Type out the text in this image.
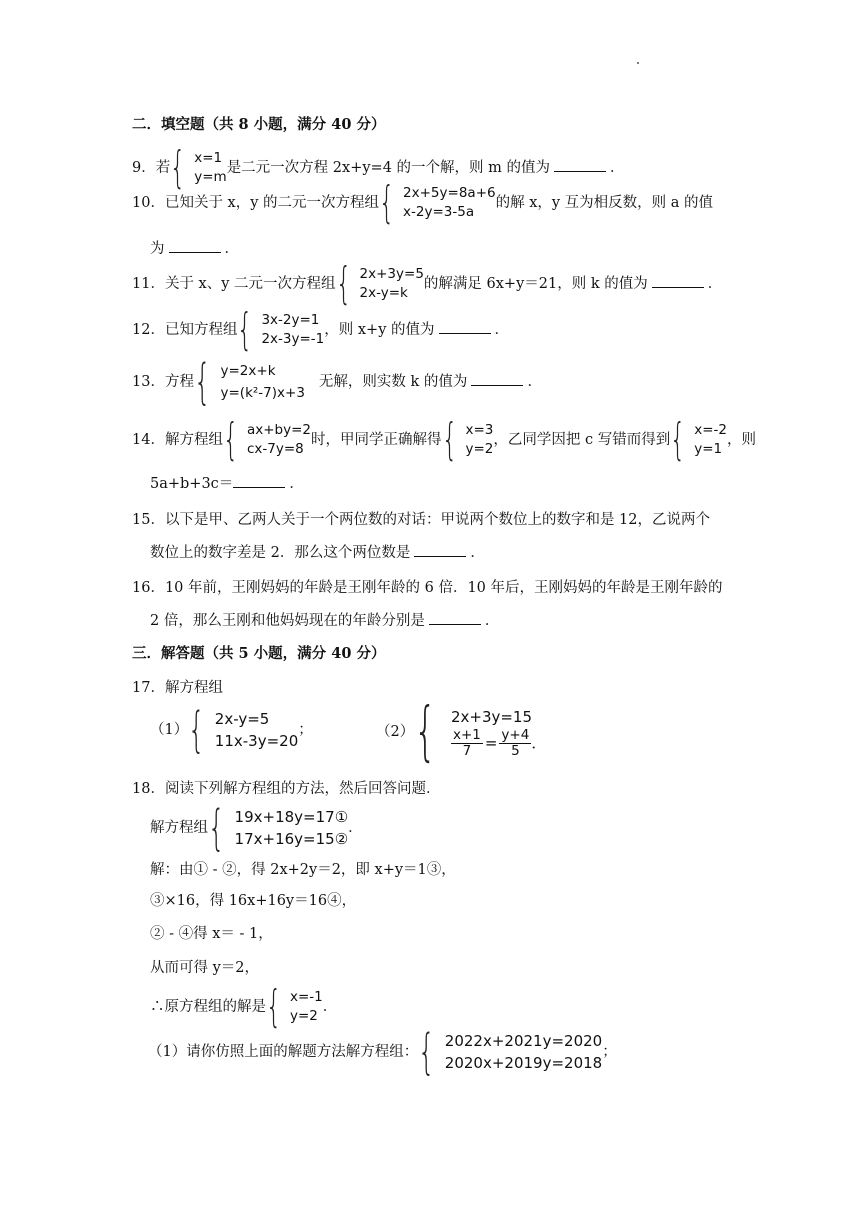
二．填空题（共 8 小题，满分 40 分）
9．若 { x=1
y=m
是二元一次方程 2x+y=4 的一个解，则 m 的值为	．
10．已知关于 x，y 的二元一次方程组 { 2x+5y=8a+6
x-2y=3-5a
的解 x，y 互为相反数，则 a 的值
为	．
11．关于 x、y 二元一次方程组 { 2x+3y=5
2x-y=k
的解满足 6x+y＝21，则 k 的值为	．
12．已知方程组 { 3x-2y=1
2x-3y=-1
，则 x+y 的值为	．
13．方程 { y=2x+k
y=(k²-7)x+3
无解，则实数 k 的值为	．
14．解方程组 { ax+by=2
cx-7y=8
时，甲同学正确解得 { x=3
y=2
，乙同学因把 c 写错而得到 { x=-2
y=1
，则
5a+b+3c＝	．
15．以下是甲、乙两人关于一个两位数的对话：甲说两个数位上的数字和是 12，乙说两个
数位上的数字差是 2．那么这个两位数是	．
16．10 年前，王刚妈妈的年龄是王刚年龄的 6 倍．10 年后，王刚妈妈的年龄是王刚年龄的
2 倍，那么王刚和他妈妈现在的年龄分别是	．
三．解答题（共 5 小题，满分 40 分）
17．解方程组
（1） { 2x-y=5
11x-3y=20
；	（2） { 2x+3y=15
$\frac{x+1}{7} = \frac{y+4}{5}$ ．
18．阅读下列解方程组的方法，然后回答问题．
解方程组 { 19x+18y=17①
17x+16y=15②
．
解：由① - ②，得 2x+2y＝2，即 x+y＝1③，
③×16，得 16x+16y＝16④，
② - ④得 x＝ - 1，
从而可得 y＝2，
∴原方程组的解是 { x=-1
y=2
．
（1）请你仿照上面的解题方法解方程组： { 2022x+2021y=2020
2020x+2019y=2018
；
